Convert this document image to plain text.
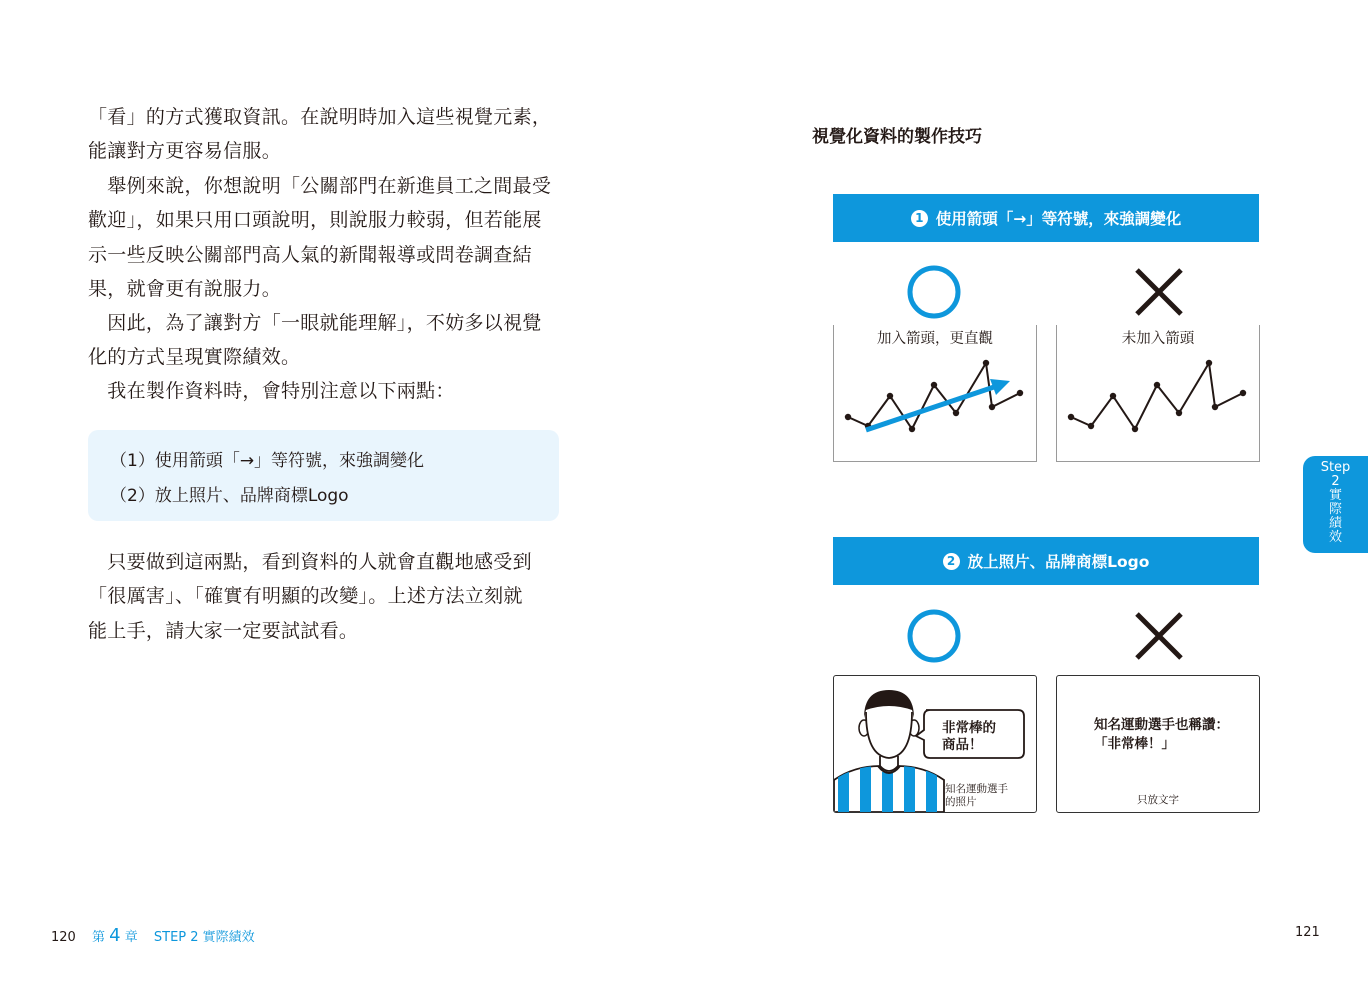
「看」的方式獲取資訊。在說明時加入這些視覺元素，
能讓對方更容易信服。

　舉例來說，你想說明「公關部門在新進員工之間最受
歡迎」，如果只用口頭說明，則說服力較弱，但若能展
示一些反映公關部門高人氣的新聞報導或問卷調查結
果，就會更有說服力。

　因此，為了讓對方「一眼就能理解」，不妨多以視覺
化的方式呈現實際績效。

　我在製作資料時，會特別注意以下兩點：

（1）使用箭頭「→」等符號，來強調變化
（2）放上照片、品牌商標Logo

　只要做到這兩點，看到資料的人就會直觀地感受到
「很厲害」、「確實有明顯的改變」。上述方法立刻就
能上手，請大家一定要試試看。

視覺化資料的製作技巧
1 使用箭頭「→」等符號，來強調變化
加入箭頭，更直觀	未加入箭頭
2 放上照片、品牌商標Logo
非常棒的
商品！
知名運動選手
的照片
知名運動選手也稱讚：
「非常棒！」
只放文字
Step
2
實
際
績
效
120 第 4 章 STEP 2 實際績效	121
